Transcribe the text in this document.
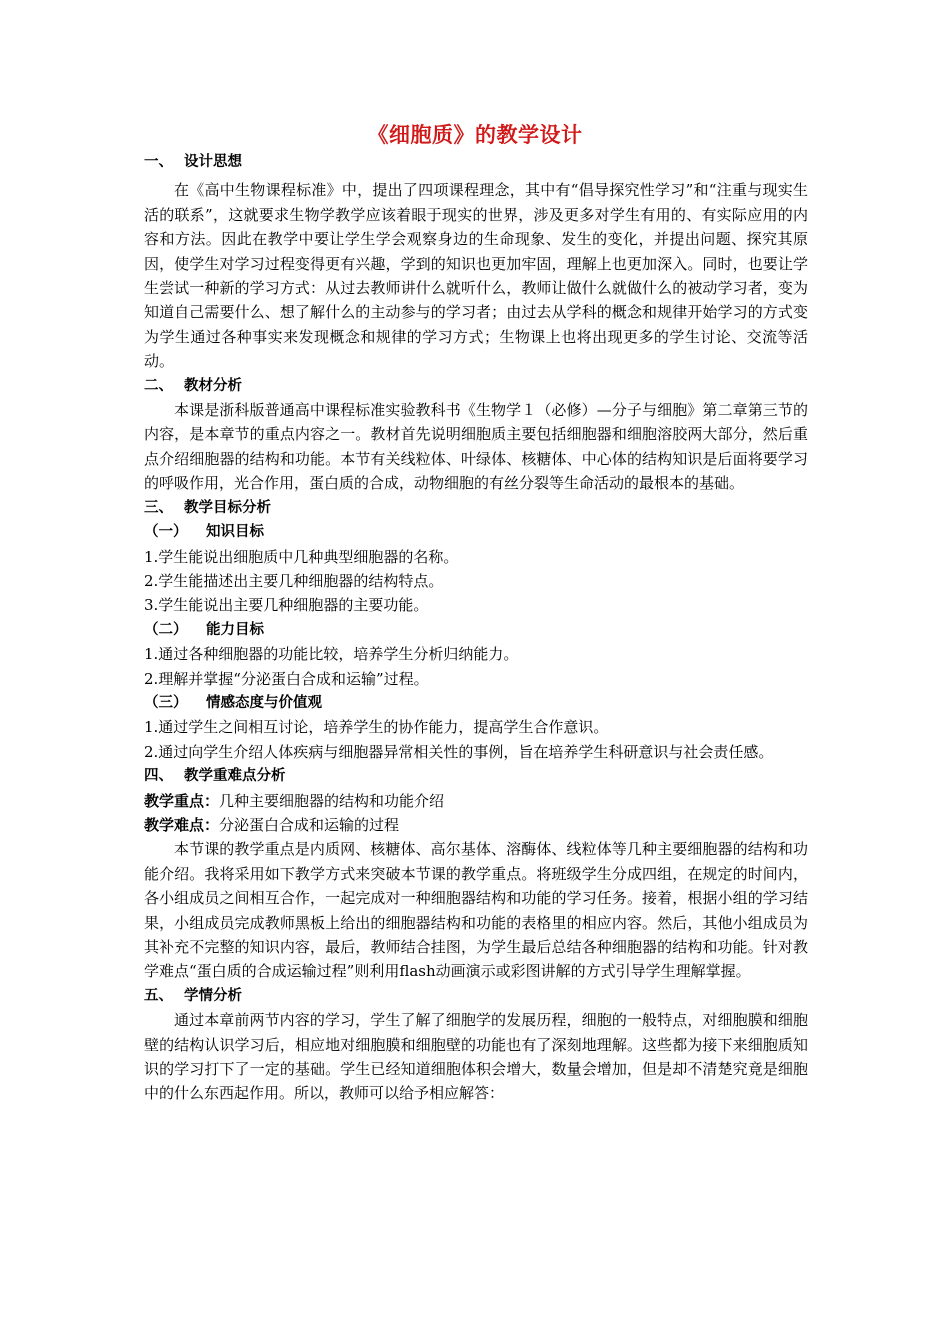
《细胞质》的教学设计
一、 设计思想
在《高中生物课程标准》中，提出了四项课程理念，其中有“倡导探究性学习”和“注重与现实生活的联系”，这就要求生物学教学应该着眼于现实的世界，涉及更多对学生有用的、有实际应用的内容和方法。因此在教学中要让学生学会观察身边的生命现象、发生的变化，并提出问题、探究其原因，使学生对学习过程变得更有兴趣，学到的知识也更加牢固，理解上也更加深入。同时，也要让学生尝试一种新的学习方式：从过去教师讲什么就听什么，教师让做什么就做什么的被动学习者，变为知道自己需要什么、想了解什么的主动参与的学习者；由过去从学科的概念和规律开始学习的方式变为学生通过各种事实来发现概念和规律的学习方式；生物课上也将出现更多的学生讨论、交流等活动。
二、 教材分析
本课是浙科版普通高中课程标准实验教科书《生物学１（必修）—分子与细胞》第二章第三节的内容，是本章节的重点内容之一。教材首先说明细胞质主要包括细胞器和细胞溶胶两大部分，然后重点介绍细胞器的结构和功能。本节有关线粒体、叶绿体、核糖体、中心体的结构知识是后面将要学习的呼吸作用，光合作用，蛋白质的合成，动物细胞的有丝分裂等生命活动的最根本的基础。
三、 教学目标分析
（一） 知识目标
1.学生能说出细胞质中几种典型细胞器的名称。
2.学生能描述出主要几种细胞器的结构特点。
3.学生能说出主要几种细胞器的主要功能。
（二） 能力目标
1.通过各种细胞器的功能比较，培养学生分析归纳能力。
2.理解并掌握“分泌蛋白合成和运输”过程。
（三） 情感态度与价值观
1.通过学生之间相互讨论，培养学生的协作能力，提高学生合作意识。
2.通过向学生介绍人体疾病与细胞器异常相关性的事例，旨在培养学生科研意识与社会责任感。
四、 教学重难点分析
教学重点：几种主要细胞器的结构和功能介绍
教学难点：分泌蛋白合成和运输的过程
本节课的教学重点是内质网、核糖体、高尔基体、溶酶体、线粒体等几种主要细胞器的结构和功能介绍。我将采用如下教学方式来突破本节课的教学重点。将班级学生分成四组，在规定的时间内，各小组成员之间相互合作，一起完成对一种细胞器结构和功能的学习任务。接着，根据小组的学习结果，小组成员完成教师黑板上给出的细胞器结构和功能的表格里的相应内容。然后，其他小组成员为其补充不完整的知识内容，最后，教师结合挂图，为学生最后总结各种细胞器的结构和功能。针对教学难点“蛋白质的合成运输过程”则利用flash动画演示或彩图讲解的方式引导学生理解掌握。
五、 学情分析
通过本章前两节内容的学习，学生了解了细胞学的发展历程，细胞的一般特点，对细胞膜和细胞壁的结构认识学习后，相应地对细胞膜和细胞壁的功能也有了深刻地理解。这些都为接下来细胞质知识的学习打下了一定的基础。学生已经知道细胞体积会增大，数量会增加，但是却不清楚究竟是细胞中的什么东西起作用。所以，教师可以给予相应解答：
